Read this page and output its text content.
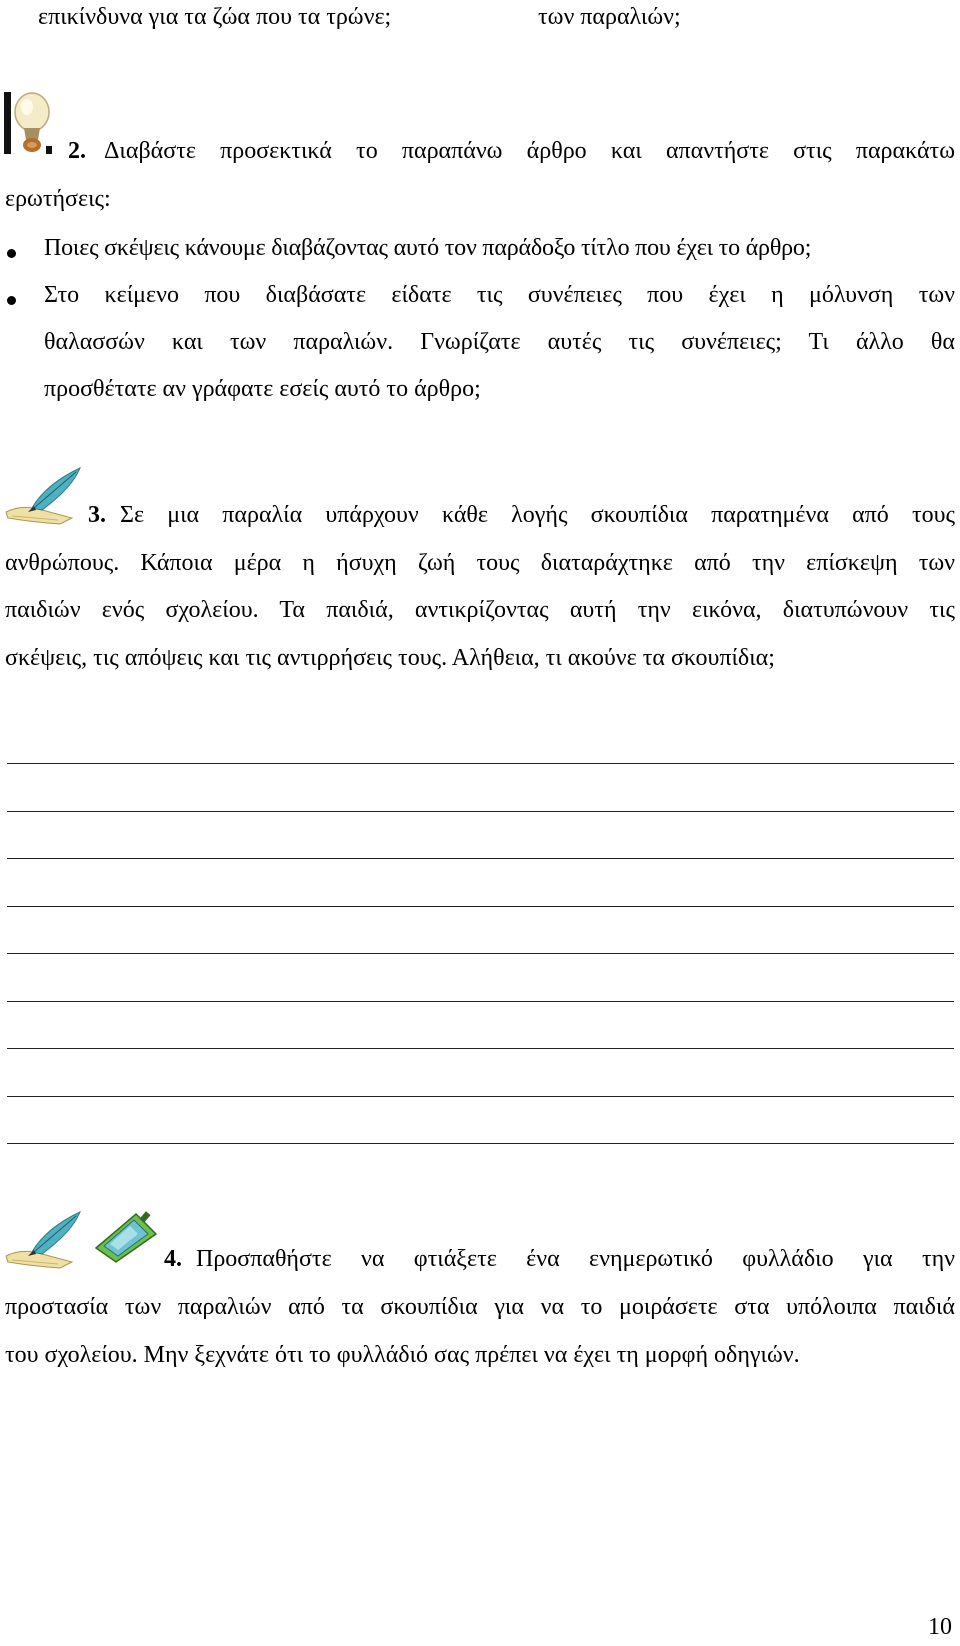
επικίνδυνα για τα ζώα που τα τρώνε;	των παραλιών;
2. Διαβάστε προσεκτικά το παραπάνω άρθρο και απαντήστε στις παρακάτω
ερωτήσεις:
Ποιες σκέψεις κάνουμε διαβάζοντας αυτό τον παράδοξο τίτλο που έχει το άρθρο;
Στο κείμενο που διαβάσατε είδατε τις συνέπειες που έχει η μόλυνση των
θαλασσών και των παραλιών. Γνωρίζατε αυτές τις συνέπειες; Τι άλλο θα
προσθέτατε αν γράφατε εσείς αυτό το άρθρο;
3. Σε μια παραλία υπάρχουν κάθε λογής σκουπίδια παρατημένα από τους
ανθρώπους. Κάποια μέρα η ήσυχη ζωή τους διαταράχτηκε από την επίσκεψη των
παιδιών ενός σχολείου. Τα παιδιά, αντικρίζοντας αυτή την εικόνα, διατυπώνουν τις
σκέψεις, τις απόψεις και τις αντιρρήσεις τους. Αλήθεια, τι ακούνε τα σκουπίδια;
4. Προσπαθήστε να φτιάξετε ένα ενημερωτικό φυλλάδιο για την
προστασία των παραλιών από τα σκουπίδια για να το μοιράσετε στα υπόλοιπα παιδιά
του σχολείου. Μην ξεχνάτε ότι το φυλλάδιό σας πρέπει να έχει τη μορφή οδηγιών.
10
